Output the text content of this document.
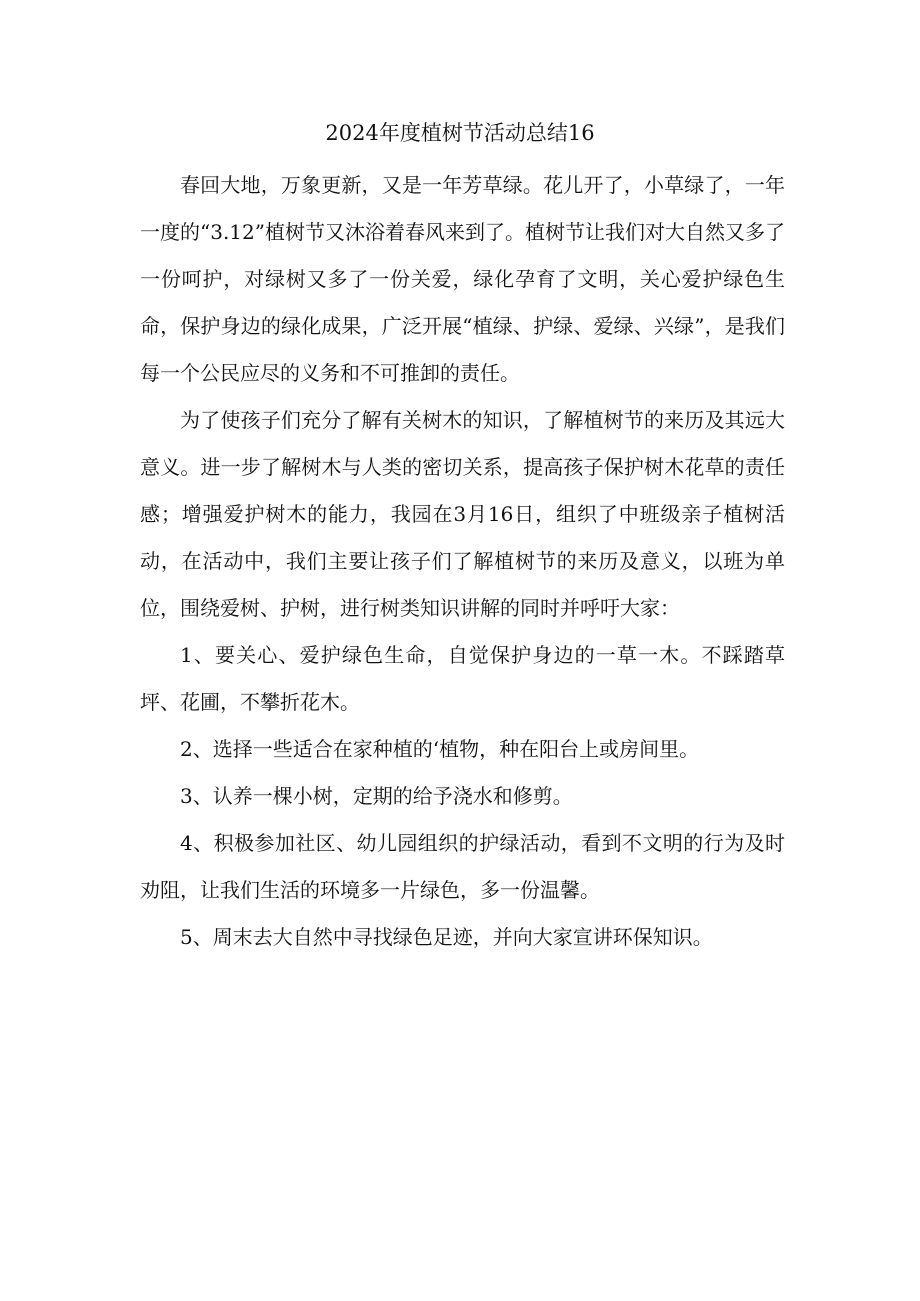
2024年度植树节活动总结16

春回大地，万象更新，又是一年芳草绿。花儿开了，小草绿了，一年一度的“3.12”植树节又沐浴着春风来到了。植树节让我们对大自然又多了一份呵护，对绿树又多了一份关爱，绿化孕育了文明，关心爱护绿色生命，保护身边的绿化成果，广泛开展“植绿、护绿、爱绿、兴绿”，是我们每一个公民应尽的义务和不可推卸的责任。

为了使孩子们充分了解有关树木的知识，了解植树节的来历及其远大意义。进一步了解树木与人类的密切关系，提高孩子保护树木花草的责任感；增强爱护树木的能力，我园在3月16日，组织了中班级亲子植树活动，在活动中，我们主要让孩子们了解植树节的来历及意义，以班为单位，围绕爱树、护树，进行树类知识讲解的同时并呼吁大家：

1、要关心、爱护绿色生命，自觉保护身边的一草一木。不踩踏草坪、花圃，不攀折花木。

2、选择一些适合在家种植的‘植物，种在阳台上或房间里。

3、认养一棵小树，定期的给予浇水和修剪。

4、积极参加社区、幼儿园组织的护绿活动，看到不文明的行为及时劝阻，让我们生活的环境多一片绿色，多一份温馨。

5、周末去大自然中寻找绿色足迹，并向大家宣讲环保知识。
